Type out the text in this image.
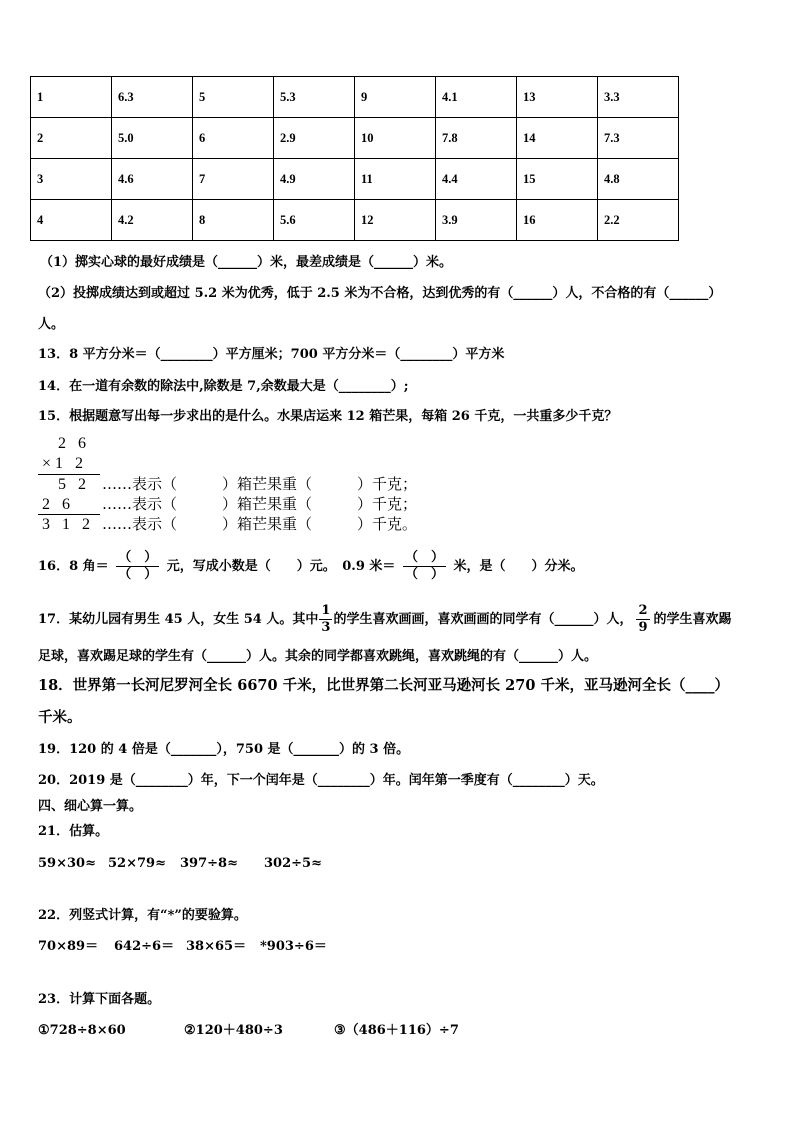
1	6.3	5	5.3	9	4.1	13	3.3
2	5.0	6	2.9	10	7.8	14	7.3
3	4.6	7	4.9	11	4.4	15	4.8
4	4.2	8	5.6	12	3.9	16	2.2
（1）掷实心球的最好成绩是（______）米，最差成绩是（______）米。
（2）投掷成绩达到或超过 5.2 米为优秀，低于 2.5 米为不合格，达到优秀的有（______）人，不合格的有（______）
人。
13．8 平方分米＝（________）平方厘米；700 平方分米＝（________）平方米
14．在一道有余数的除法中,除数是 7,余数最大是（________）;
15．根据题意写出每一步求出的是什么。水果店运来 12 箱芒果，每箱 26 千克，一共重多少千克？
2 6
×1 2
5 2 ……表示（　　　）箱芒果重（　　　）千克；
2 6 ……表示（　　　）箱芒果重（　　　）千克；
3 1 2 ……表示（　　　）箱芒果重（　　　）千克。
16．8 角＝ $\frac{( )}{( )}$ 元，写成小数是（　　）元。　0.9 米＝ $\frac{( )}{( )}$ 米，是（　　）分米。
17．某幼儿园有男生 45 人，女生 54 人。其中 $\frac{1}{3}$ 的学生喜欢画画，喜欢画画的同学有（______）人， $\frac{2}{9}$ 的学生喜欢踢
足球，喜欢踢足球的学生有（______）人。其余的同学都喜欢跳绳，喜欢跳绳的有（______）人。
18．世界第一长河尼罗河全长 6670 千米，比世界第二长河亚马逊河长 270 千米，亚马逊河全长（____）
千米。
19．120 的 4 倍是（_______），750 是（_______）的 3 倍。
20．2019 是（________）年，下一个闰年是（________）年。闰年第一季度有（________）天。
四、细心算一算。
21．估算。
59×30≈ 52×79≈ 397÷8≈ 302÷5≈
22．列竖式计算，有“*”的要验算。
70×89＝ 642÷6＝ 38×65＝ *903÷6＝
23．计算下面各题。
①728÷8×60	②120＋480÷3	③（486＋116）÷7
